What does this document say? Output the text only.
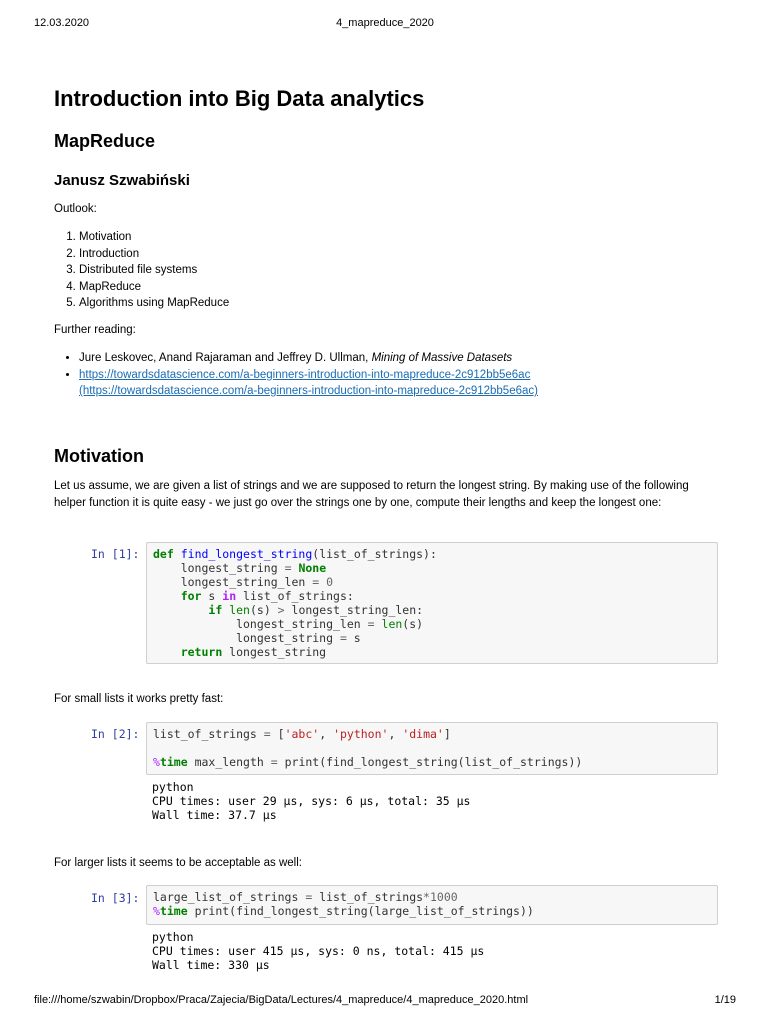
12.03.2020	4_mapreduce_2020
Introduction into Big Data analytics
MapReduce
Janusz Szwabiński

Outlook:

1. Motivation
2. Introduction
3. Distributed file systems
4. MapReduce
5. Algorithms using MapReduce

Further reading:

• Jure Leskovec, Anand Rajaraman and Jeffrey D. Ullman, Mining of Massive Datasets
• https://towardsdatascience.com/a-beginners-introduction-into-mapreduce-2c912bb5e6ac
(https://towardsdatascience.com/a-beginners-introduction-into-mapreduce-2c912bb5e6ac)
Motivation

Let us assume, we are given a list of strings and we are supposed to return the longest string. By making use of the following helper function it is quite easy - we just go over the strings one by one, compute their lengths and keep the longest one:

For small lists it works pretty fast:

For larger lists it seems to be acceptable as well:

In [1]:	def find_longest_string(list_of_strings):
longest_string = None
longest_string_len = 0
for s in list_of_strings:
if len(s) > longest_string_len:
longest_string_len = len(s)
longest_string = s
return longest_string
In [2]:	list_of_strings = ['abc', 'python', 'dima']

%time max_length = print(find_longest_string(list_of_strings))
python
CPU times: user 29 µs, sys: 6 µs, total: 35 µs
Wall time: 37.7 µs
In [3]:	large_list_of_strings = list_of_strings*1000
%time print(find_longest_string(large_list_of_strings))
python
CPU times: user 415 µs, sys: 0 ns, total: 415 µs
Wall time: 330 µs
file:///home/szwabin/Dropbox/Praca/Zajecia/BigData/Lectures/4_mapreduce/4_mapreduce_2020.html	1/19
